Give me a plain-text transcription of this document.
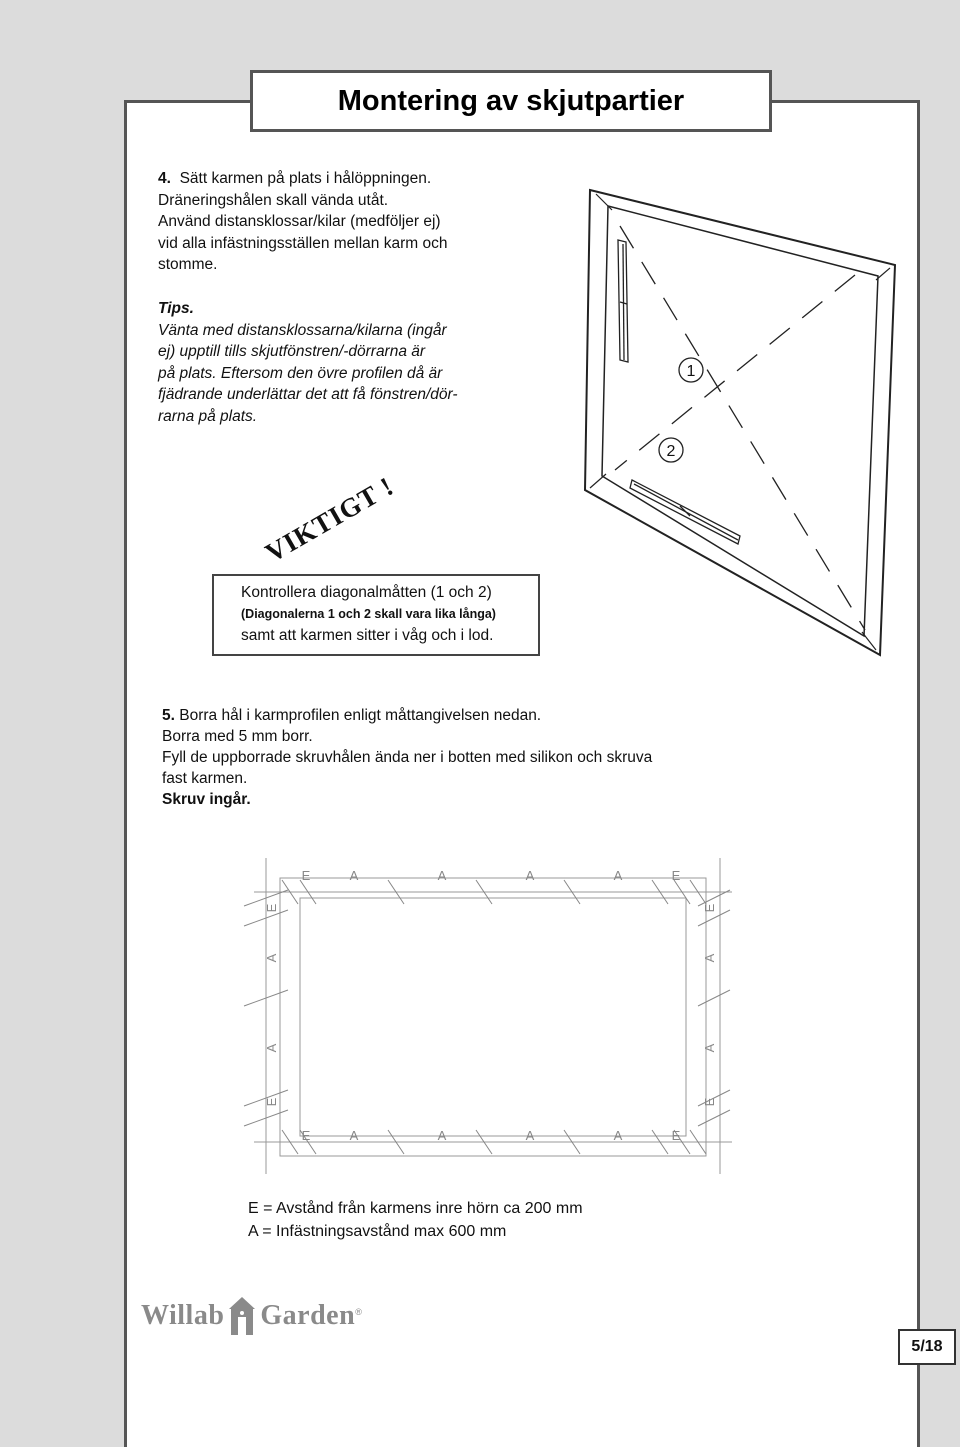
Montering av skjutpartier
4. Sätt karmen på plats i hålöppningen.
Dräneringshålen skall vända utåt.
Använd distansklossar/kilar (medföljer ej)
vid alla infästningsställen mellan karm och
stomme.
Tips.
Vänta med distansklossarna/kilarna (ingår
ej) upptill tills skjutfönstren/-dörrarna är
på plats. Eftersom den övre profilen då är
fjädrande underlättar det att få fönstren/dör-
rarna på plats.
1
2
VIKTIGT !
Kontrollera diagonalmåtten (1 och 2)
(Diagonalerna 1 och 2 skall vara lika långa)
samt att karmen sitter i våg och i lod.
5. Borra hål i karmprofilen enligt måttangivelsen nedan.
Borra med 5 mm borr.
Fyll de uppborrade skruvhålen ända ner i botten med silikon och skruva
fast karmen.
Skruv ingår.
E
E
A
A
A
A
A
A
A
A
E
E
E	E
A	A
A	A
E	E
E = Avstånd från karmens inre hörn ca 200 mm
A = Infästningsavstånd max 600 mm
Willab Garden ®
5/18
